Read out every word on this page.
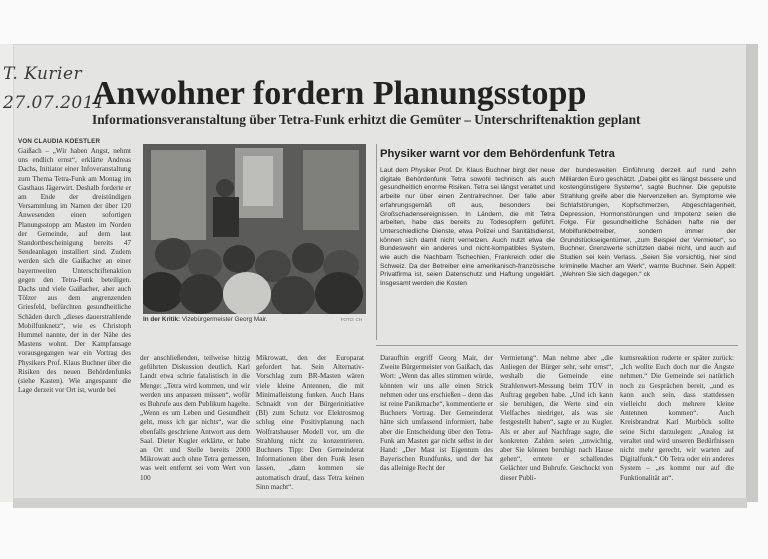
T. Kurier
27.07.2011
Anwohner fordern Planungsstopp
Informationsveranstaltung über Tetra-Funk erhitzt die Gemüter – Unterschriftenaktion geplant
VON CLAUDIA KOESTLER
Gaißach – „Wir haben Angst, nehmt uns endlich ernst“, erklärte Andreas Dachs, Initiator einer Infoveranstaltung zum Thema Tetra-Funk am Montag im Gasthaus Jägerwirt. Deshalb forderte er am Ende der dreistündigen Versammlung im Namen der über 120 Anwesenden einen sofortigen Planungsstopp am Masten im Norden der Gemeinde, auf dem laut Standortbescheinigung bereits 47 Sendeanlagen installiert sind. Zudem werden sich die Gaißacher an einer bayernweiten Unterschriftenaktion gegen den Tetra-Funk beteiligen. Dachs und viele Gaißacher, aber auch Tölzer aus dem angrenzenden Griesfeld, befürchten gesundheitliche Schäden durch „dieses dauerstrahlende Mobilfunknetz“, wie es Christoph Hummel nannte, der in der Nähe des Mastens wohnt. Der Kampfansage vorausgegangen war ein Vortrag des Physikers Prof. Klaus Buchner über die Risiken des neuen Behördenfunks (siehe Kasten). Wie angespannt die Lage derzeit vor Ort ist, wurde bei
In der Kritik: Vizebürgermeister Georg Mair.	FOTO: CH
Physiker warnt vor dem Behördenfunk Tetra
Laut dem Physiker Prof. Dr. Klaus Buchner birgt der neue digitale Behördenfunk Tetra sowohl technisch als auch gesundheitlich enorme Risiken. Tetra sei längst veraltet und arbeite nur über einen Zentralrechner. Der falle aber erfahrungsgemäß oft aus, besonders bei Großschadensereignissen. In Ländern, die mit Tetra arbeiten, habe das bereits zu Todesopfern geführt. Unterschiedliche Dienste, etwa Polizei und Sanitätsdienst, können sich damit nicht vernetzen. Auch nutzt etwa die Bundeswehr ein anderes und nicht-kompatibles System, wie auch die Nachbarn Tschechien, Frankreich oder die Schweiz. Da der Betreiber eine amerikanisch-französische Privatfirma ist, seien Datenschutz und Haftung ungeklärt. Insgesamt werden die Kosten
der bundesweiten Einführung derzeit auf rund zehn Milliarden Euro geschätzt. „Dabei gibt es längst bessere und kostengünstigere Systeme“, sagte Buchner. Die gepulste Strahlung greife aber die Nervenzellen an. Symptome wie Schlafstörungen, Kopfschmerzen, Abgeschlagenheit, Depression, Hormonstörungen und Impotenz seien die Folge. Für gesundheitliche Schäden hafte nie der Mobilfunkbetreiber, sondern immer der Grundstückseigentümer, „zum Beispiel der Vermieter“, so Buchner. Grenzwerte schützten dabei nicht, und auch auf Studien sei kein Verlass. „Seien Sie vorsichtig, hier sind kriminelle Macher am Werk“, warnte Buchner. Sein Appell: „Wehren Sie sich dagegen.“ ck
der anschließenden, teilweise hitzig geführten Diskussion deutlich. Karl Landt etwa schrie fatalistisch in die Menge: „Tetra wird kommen, und wir werden uns anpassen müssen“, wofür es Buhrufe aus dem Publikum hagelte. „Wenn es um Leben und Gesundheit geht, muss ich gar nichts“, war die ebenfalls geschriene Antwort aus dem Saal. Dieter Kugler erklärte, er habe an Ort und Stelle bereits 2000 Mikrowatt auch ohne Tetra gemessen, was weit entfernt sei vom Wert von 100
Mikrowatt, den der Europarat gefordert hat. Sein Alternativ-Vorschlag zum BR-Masten wären viele kleine Antennen, die mit Minimalleistung funken. Auch Hans Schnaidt von der Bürgerinitiative (BI) zum Schutz vor Elektrosmog schlug eine Positivplanung nach Wolfratshauser Modell vor, um die Strahlung nicht zu konzentrieren. Buchners Tipp: Den Gemeinderat Informationen über den Funk lesen lassen, „dann kommen sie automatisch drauf, dass Tetra keinen Sinn macht“.
Daraufhin ergriff Georg Mair, der Zweite Bürgermeister von Gaißach, das Wort: „Wenn das alles stimmen würde, könnten wir uns alle einen Strick nehmen oder uns erschießen – denn das ist reine Panikmache“, kommentierte er Buchners Vortrag. Der Gemeinderat hätte sich umfassend informiert, habe aber die Entscheidung über den Tetra-Funk am Masten gar nicht selbst in der Hand: „Der Mast ist Eigentum des Bayerischen Rundfunks, und der hat das alleinige Recht der
Vermietung“. Man nehme aber „die Anliegen der Bürger sehr, sehr ernst“, weshalb die Gemeinde eine Strahlenwert-Messung beim TÜV in Auftrag gegeben habe. „Und ich kann sie beruhigen, die Werte sind ein Vielfaches niedriger, als was sie festgestellt haben“, sagte er zu Kugler. Als er aber auf Nachfrage sagte, die konkreten Zahlen seien „unwichtig, aber Sie können beruhigt nach Hause gehen“, erntete er schallendes Gelächter und Buhrufe. Geschockt von dieser Publi-
kumsreaktion ruderte er später zurück: „Ich wollte Euch doch nur die Ängste nehmen.“ Die Gemeinde sei natürlich noch zu Gesprächen bereit, „und es kann auch sein, dass stattdessen vielleicht doch mehrere kleine Antennen kommen“. Auch Kreisbrandrat Karl Murböck sollte seine Sicht darzulegen: „Analog ist veraltet und wird unseren Bedürfnissen nicht mehr gerecht, wir warten auf Digitalfunk.“ Ob Tetra oder ein anderes System – „es kommt nur auf die Funktionalität an“.
